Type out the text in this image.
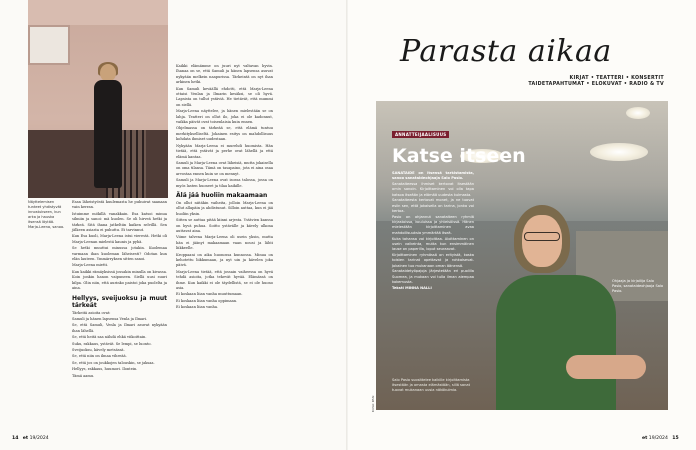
Näyttelemisen tunteet yhdistyvät innostukseen, kun arka ja hauska itsensä löytää. Marja-Leena, sanoo.

Esan läheistyöstä kuulemasta he puhuivat saanaan vain kerran.

Istuimme mökillä vanakkain. Esa katsoi minua silmiin ja sanoi: mä kuolen. Se oli hirveä hetki ja tärkeä. Sitä ihana jatkeltiin kaiken selvillä. Sen jälkeen asiasta ei puhuttu. Ei tarvinnut.

Kun Esa kuoli, Marja-Leena istui vierestä. Hetki oli Marja-Leenan mielestä kaunis ja pyhä.

Se hetki muuttui minussa jotakin. Kuolemaa varmaan ihan kuoleman läheisesti? Odotan kun elän lauteen. Ymmärryksen sitten sanoi.

Marja-Leena mietti.

Kun kaikki rämäyksissä jossakin minulla on kivassa. Koin jonkin hanon vaipuneen. Siellä uusi suuri kilpa. Olin niin, että aurinko paistoi joka puolelta ja aina.

Hellyys, sveijuoksu ja muut tärkeät

Tärkeitä asioita ovat:

Samuli ja hänen lapsensa Venla ja Ilmari.

Se, että Samuli, Venla ja Ilmari asuvat nykyään ihan lähellä.

Se, että heitä saa nähdä ehkä viikoittain.

Suku, rakkaus, ystävät. Se lempi, se luonto.

Sveijuoksu, kävely metsässä.

Se, että niin on ilmaa vihreää.

Se, että jos on joukkojen talouskin, se jaksaa.

Hellyys, rakkaus, huumori. Ilontein.

Tämä aamu.

Kaikki elämämme on juuri nyt valtavan hyvin. Ihanaa on se, että Samuli ja hänen lapsensa asuvat nykyään melkein naapurissa. Tärkeintä on nyt ihan arkinen hetki.

Kun Samuli keväällä ehdotti, että Marja-Leena ottaisi Venlan ja Ilmarin kesäksi, se oli hyvä. Lapsista on tullut ystäviä. He tietävät, että mummi on siellä.

Marja-Leena näyttelee, ja hänen mielestään se on lahja. Teatteri on ollut ilo, joka ei ole kadonnut, vaikka päivät ovat toisenlaisia kuin ennen.

Ohjelmassa on tärkeää se, että elämä tuntuu merkitykselliseltä. Jokainen esitys on mahdollisuus kohdata ihmiset uudestaan.

Nykyään Marja-Leena ei murehdi huomista. Hän tietää, että ystävät ja perhe ovat lähellä ja että elämä kantaa.

Samuli ja Marja-Leena ovat läheisiä, mutta jokaisella on oma tilansa. Tämä on tasapaino, jota ei aina osaa arvostaa ennen kuin se on mennyt.

Samuli ja Marja-Leena ovat isossa talossa, jossa on myös lasten huoneet ja tilaa kaikille.

Älä jää huoliin makaamaan

On ollut niitäkin vaiheita, jolloin Marja-Leena on ollut allapäin ja ahdistunut. Silloin auttaa, kun ei jää huoliin yksin.

Sitten se auttaa pitää kiinni arjesta. Ystävien kanssa on hyvä puhua. Soitto ystävälle ja kävely ulkona auttavat aina.

Viime talvena Marja-Leena oli usein yksin, mutta hän ei jäänyt makaamaan vaan nousi ja lähti liikkeelle.

Kroppaani on aika huonossa kunnossa. Minua on kehotettu liikkumaan, ja nyt uin ja kävelen joka päivä.

Marja-Leena tietää, että jossain vaiheessa on hyvä tehdä asioita, jotka tekevät hyvää. Elämässä on ihme. Kun kaikki ei ole täydellistä, se ei ole huono asia.

Ei koskaan liian vanha muuttumaan.

Ei koskaan liian vanha oppimaan.

Ei koskaan liian vanha.

14 et 19/2024
Parasta aikaa
KIRJAT • TEATTERI • KONSERTIT
TAIDETAPAHTUMAT • ELOKUVAT • RADIO & TV
ANNATTEIJAALISUUS
Katse itseen

SANATAIDE on itsensä tarkistamista, sanoo sanataideohjaaja Salo Pasio.

Sanataiteessa ihmiset kertovat itsestään omin sanoin. Kirjoittaminen voi olla tapa katsoa itseään ja elämää uudesta kulmasta.

Sanataiteesta kertovat monet, ja ne tuovat esiin sen, että jokaisella on tarina, jonka voi kertoa.

Pasio on ohjannut sanataiteen ryhmiä kirjastoissa, kouluissa ja yhteisöissä. Hänen mielestään kirjoittaminen avaa mahdollisuuksia ymmärtää itseä.

Kuka tahansa voi kirjoittaa. Aloittaminen on usein vaikeinta, mutta kun ensimmäinen lause on paperilla, loput seuraavat.

Kirjoittaminen ryhmässä on erityistä, koska toisten tarinat opettavat ja rohkaisevat. Jokainen tuo mukanaan oman äänensä.

Sanataidetyöpajoja järjestetään eri puolilla Suomea, ja mukaan voi tulla ilman aiempaa kokemusta.

Teksti MINNA NALLI

Salo Pasio suosittelee kaikille kirjoittamista itsestään ja omasta elämästään, sillä sanat tuovat mukanaan uusia näkökulmia.
Ohjaaja ja kirjailija Salo Pasio, sanataideohjaaja Salo Pasio.
KUVA: PASI
et 19/2024 15
